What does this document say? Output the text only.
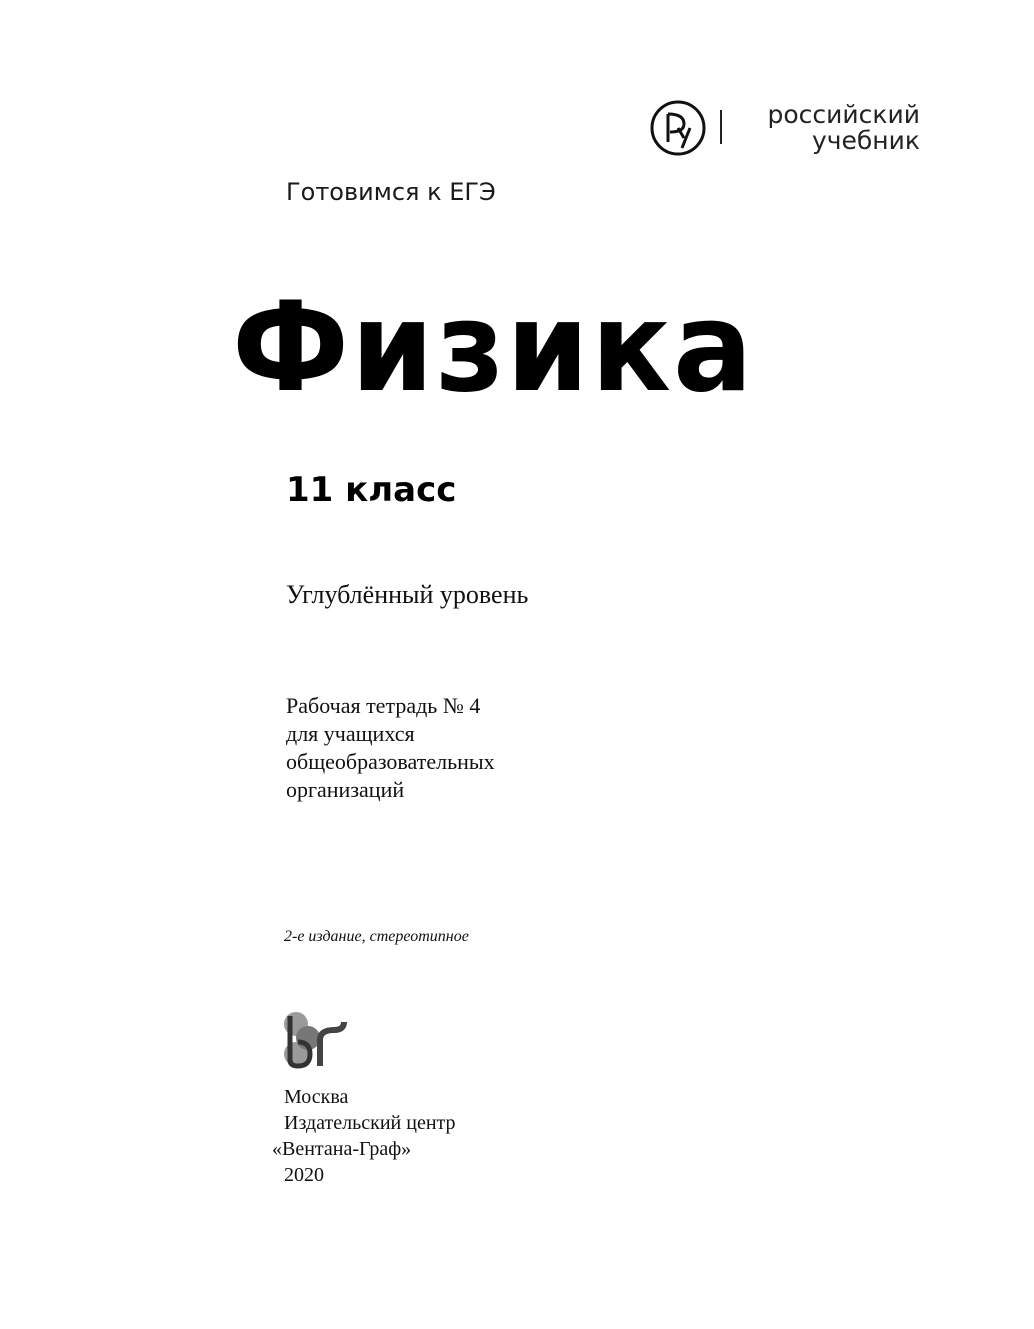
российский
учебник
Готовимся к ЕГЭ
Физика
11 класс
Углублённый уровень
Рабочая тетрадь № 4
для учащихся
общеобразовательных
организаций
2-е издание, стереотипное
Москва
Издательский центр
«Вентана-Граф»
2020
